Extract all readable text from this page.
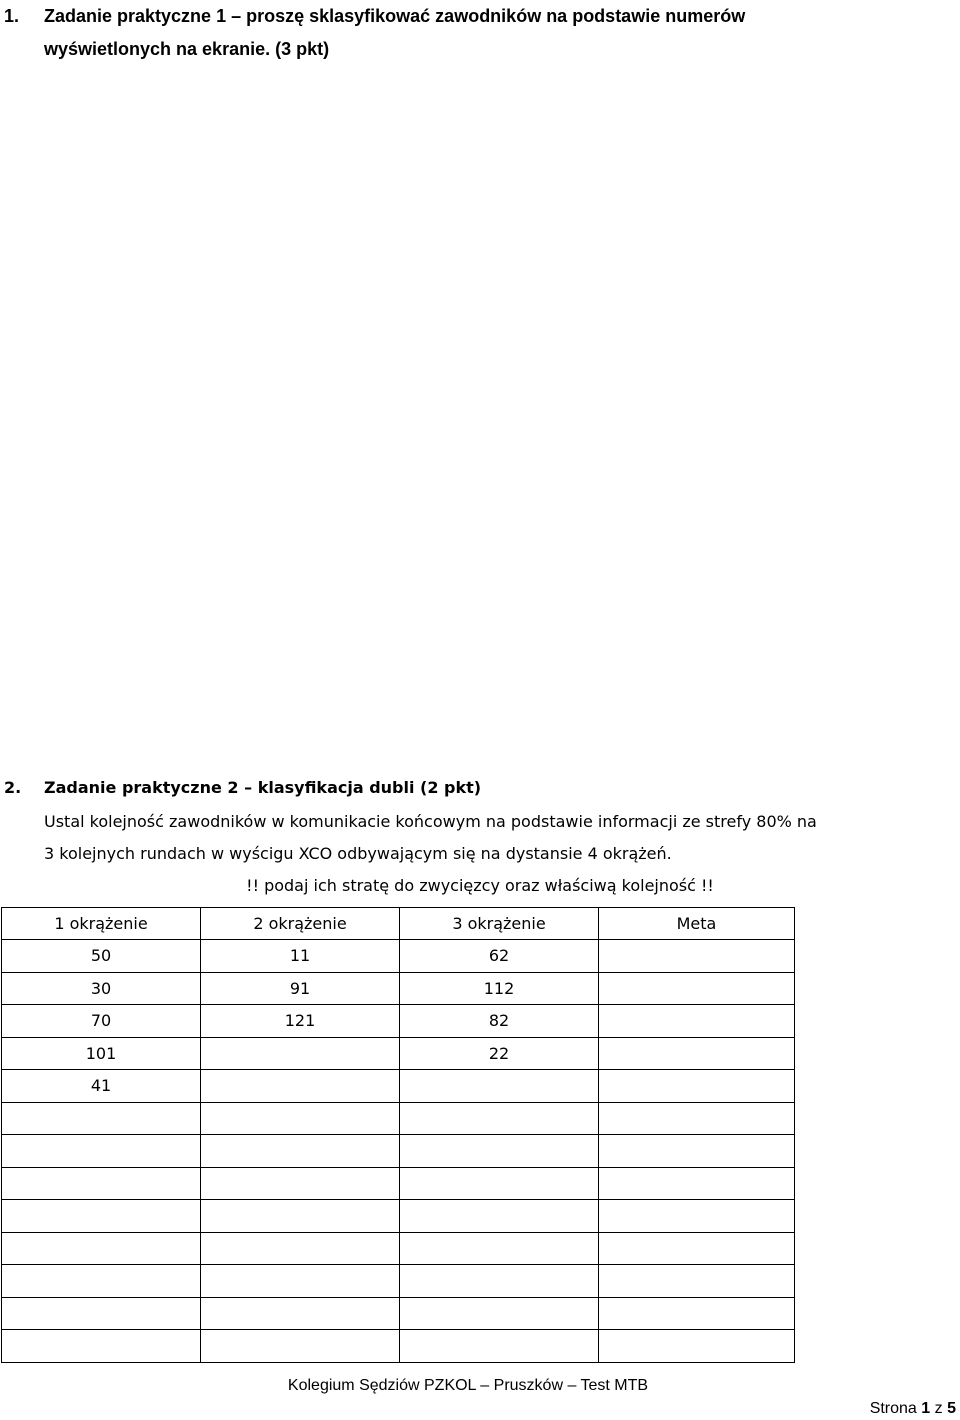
1. Zadanie praktyczne 1 – proszę sklasyfikować zawodników na podstawie numerów
wyświetlonych na ekranie. (3 pkt)
2. Zadanie praktyczne 2 – klasyfikacja dubli (2 pkt)
Ustal kolejność zawodników w komunikacie końcowym na podstawie informacji ze strefy 80% na
3 kolejnych rundach w wyścigu XCO odbywającym się na dystansie 4 okrążeń.
!! podaj ich stratę do zwycięzcy oraz właściwą kolejność !!
1 okrążenie	2 okrążenie	3 okrążenie	Meta
50	11	62	
30	91	112	
70	121	82	
101		22	
41			

Kolegium Sędziów PZKOL – Pruszków – Test MTB
Strona 1 z 5
